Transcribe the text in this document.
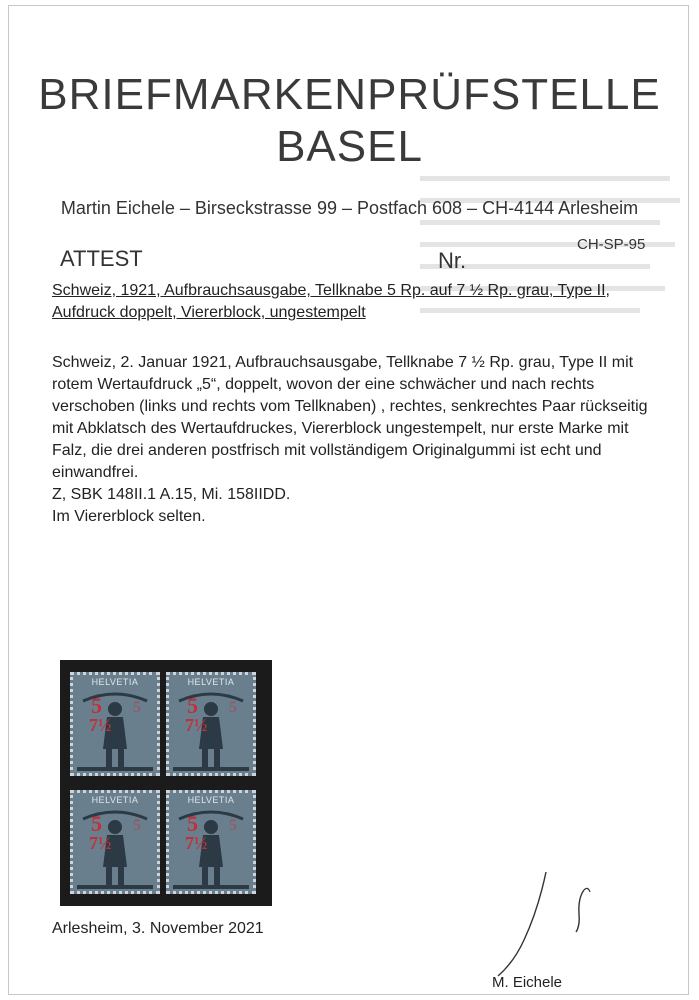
BRIEFMARKENPRÜFSTELLE
BASEL
Martin Eichele – Birseckstrasse 99 – Postfach 608 – CH-4144 Arlesheim
ATTEST	Nr.
CH-SP-95
Schweiz, 1921, Aufbrauchsausgabe, Tellknabe 5 Rp. auf 7 ½ Rp. grau, Type II, Aufdruck doppelt, Viererblock, ungestempelt

Schweiz, 2. Januar 1921, Aufbrauchsausgabe, Tellknabe 7 ½ Rp. grau, Type II mit rotem Wertaufdruck „5“, doppelt, wovon der eine schwächer und nach rechts verschoben (links und rechts vom Tellknaben) , rechtes, senkrechtes Paar rückseitig mit Abklatsch des Wertaufdruckes, Viererblock ungestempelt, nur erste Marke mit Falz, die drei anderen postfrisch mit vollständigem Originalgummi ist echt und einwandfrei.

Z, SBK 148II.1 A.15, Mi. 158IIDD.

Im Viererblock selten.

HELVETIA
5
7½
5
HELVETIA
5
7½
5
HELVETIA
5
7½
5
HELVETIA
5
7½
5
Arlesheim, 3. November 2021
M. Eichele
